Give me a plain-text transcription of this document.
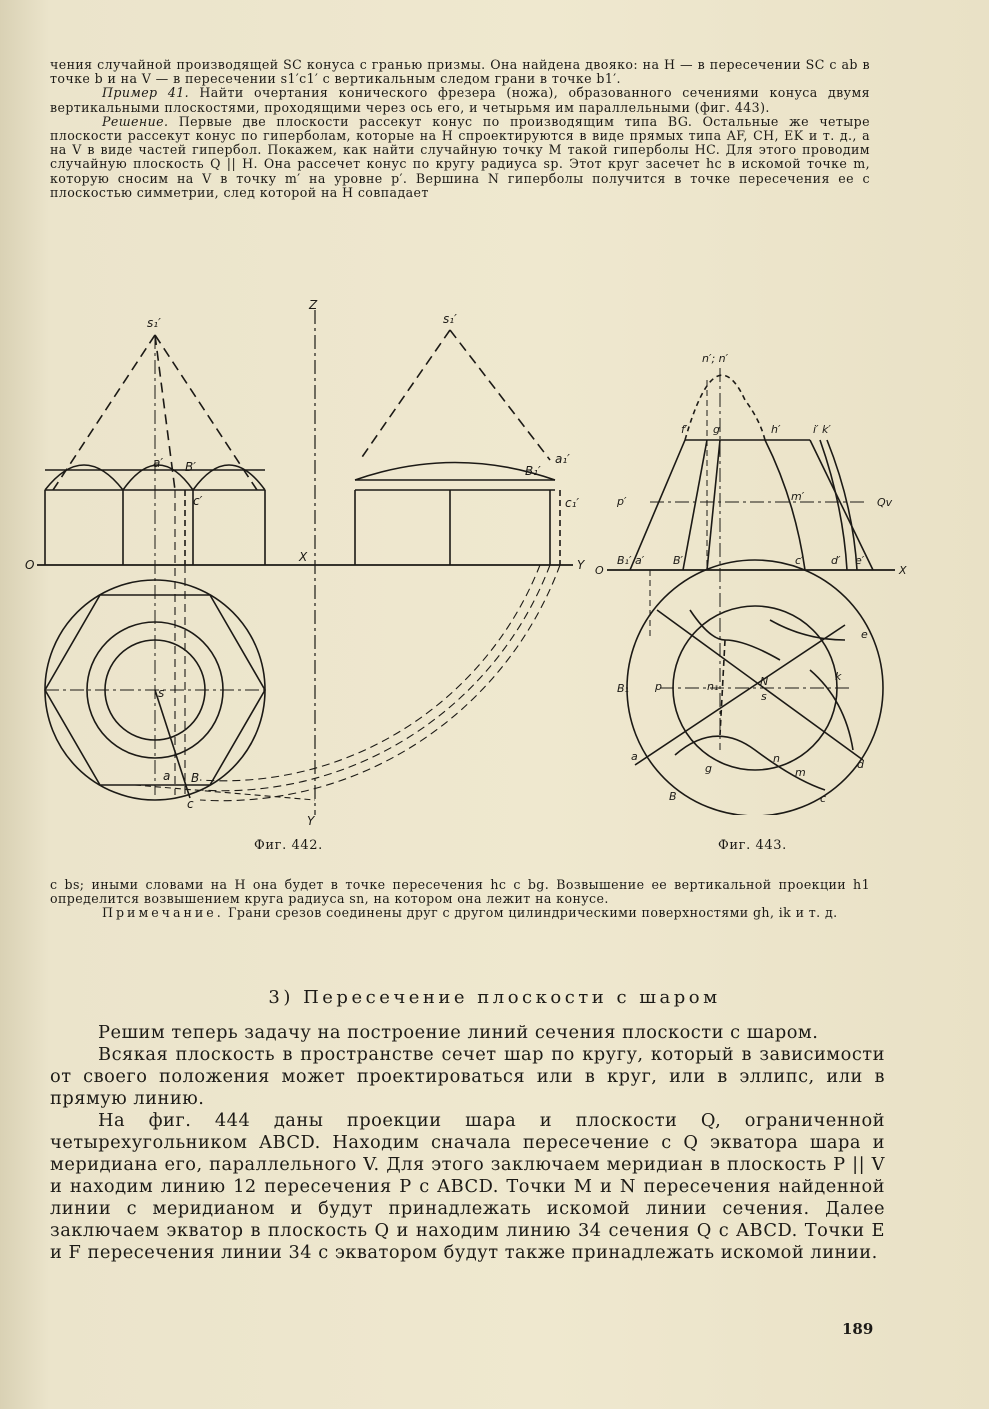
чения случайной производящей SC конуса с гранью призмы. Она найдена двояко: на H — в пересечении SC с ab в точке b и на V — в пересечении s1′c1′ с вертикальным следом грани в точке b1′.

Пример 41. Найти очертания конического фрезера (ножа), образованного сечениями конуса двумя вертикальными плоскостями, проходящими через ось его, и четырьмя им параллельными (фиг. 443).

Решение. Первые две плоскости рассекут конус по производящим типа BG. Остальные же четыре плоскости рассекут конус по гиперболам, которые на H спроектируются в виде прямых типа AF, CH, EK и т. д., а на V в виде частей гипербол. Покажем, как найти случайную точку M такой гиперболы HC. Для этого проводим случайную плоскость Q || H. Она рассечет конус по кругу радиуса sp. Этот круг засечет hc в искомой точке m, которую сносим на V в точку m′ на уровне p′. Вершина N гиперболы получится в точке пересечения ее с плоскостью симметрии, след которой на H совпадает

s₁′	s₁′
Z
O
X
Y
Y
a′ B′
c′
B₁′
a₁′
c₁′
s
a B
c
Фиг. 442.
n′; n′
f′ g	h′	i′ k′
p′	Qv
m′
O	X
B₁′ a′	B′	c′ d′ e′
e
k
s
n₁
p
B₁
N
n
a
d
m
B	c
g
Фиг. 443.

с bs; иными словами на H она будет в точке пересечения hc с bg. Возвышение ее вертикальной проекции h1 определится возвышением круга радиуса sn, на котором она лежит на конусе.

Примечание. Грани срезов соединены друг с другом цилиндрическими поверхностями gh, ik и т. д.

3) Пересечение плоскости с шаром

Решим теперь задачу на построение линий сечения плоскости с шаром.

Всякая плоскость в пространстве сечет шар по кругу, который в зависимости от своего положения может проектироваться или в круг, или в эллипс, или в прямую линию.

На фиг. 444 даны проекции шара и плоскости Q, ограниченной четырехугольником ABCD. Находим сначала пересечение с Q экватора шара и меридиана его, параллельного V. Для этого заключаем меридиан в плоскость P || V и находим линию 12 пересечения P с ABCD. Точки M и N пересечения найденной линии с меридианом и будут принадлежать искомой линии сечения. Далее заключаем экватор в плоскость Q и находим линию 34 сечения Q с ABCD. Точки E и F пересечения линии 34 с экватором будут также принадлежать искомой линии.

189
